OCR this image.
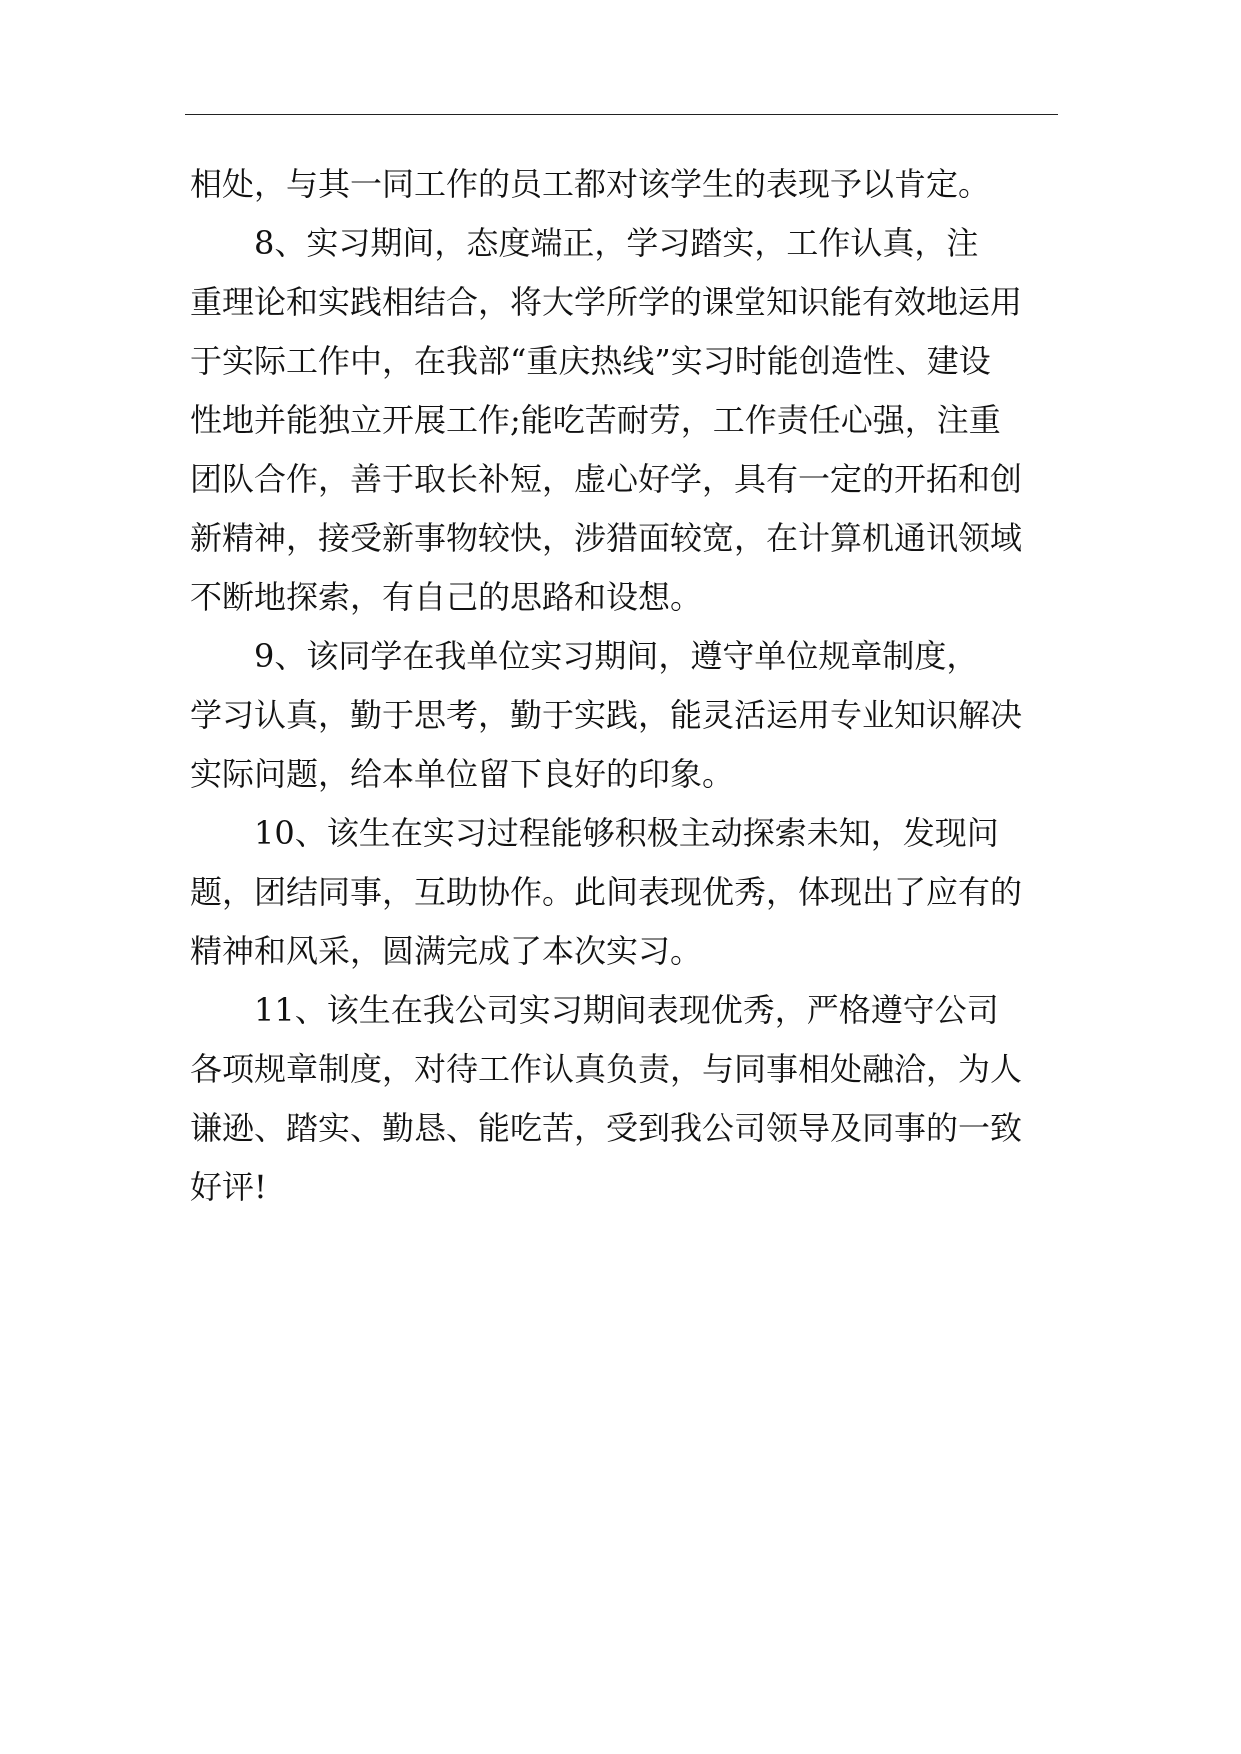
相处，与其一同工作的员工都对该学生的表现予以肯定。
　　8、实习期间，态度端正，学习踏实，工作认真，注
重理论和实践相结合，将大学所学的课堂知识能有效地运用
于实际工作中，在我部“重庆热线”实习时能创造性、建设
性地并能独立开展工作;能吃苦耐劳，工作责任心强，注重
团队合作，善于取长补短，虚心好学，具有一定的开拓和创
新精神，接受新事物较快，涉猎面较宽，在计算机通讯领域
不断地探索，有自己的思路和设想。
　　9、该同学在我单位实习期间，遵守单位规章制度，
学习认真，勤于思考，勤于实践，能灵活运用专业知识解决
实际问题，给本单位留下良好的印象。
　　10、该生在实习过程能够积极主动探索未知，发现问
题，团结同事，互助协作。此间表现优秀，体现出了应有的
精神和风采，圆满完成了本次实习。
　　11、该生在我公司实习期间表现优秀，严格遵守公司
各项规章制度，对待工作认真负责，与同事相处融洽，为人
谦逊、踏实、勤恳、能吃苦，受到我公司领导及同事的一致
好评!
